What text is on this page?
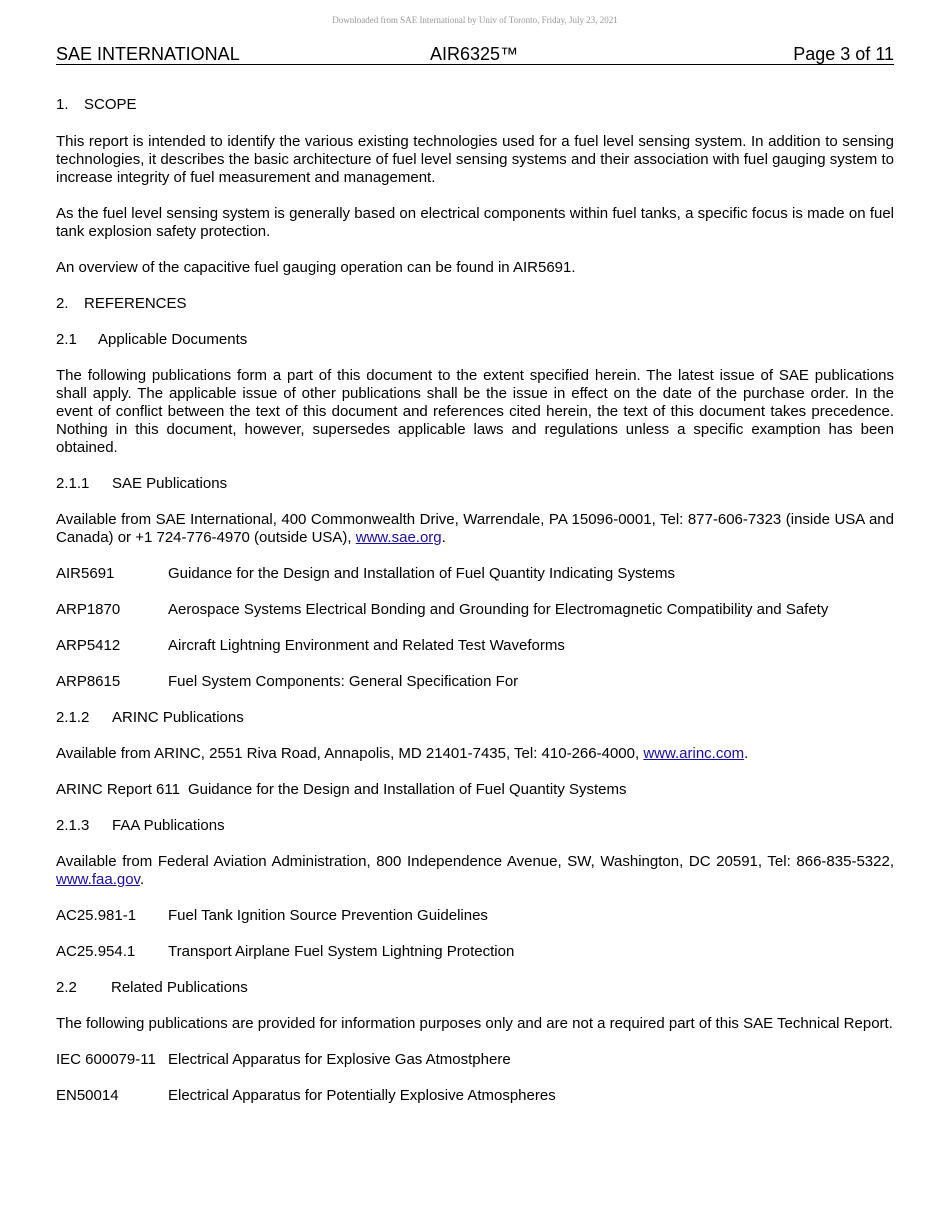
Downloaded from SAE International by Univ of Toronto, Friday, July 23, 2021
SAE INTERNATIONAL	AIR6325™	Page 3 of 11
1. SCOPE

This report is intended to identify the various existing technologies used for a fuel level sensing system. In addition to sensing technologies, it describes the basic architecture of fuel level sensing systems and their association with fuel gauging system to increase integrity of fuel measurement and management.

As the fuel level sensing system is generally based on electrical components within fuel tanks, a specific focus is made on fuel tank explosion safety protection.

An overview of the capacitive fuel gauging operation can be found in AIR5691.

2. REFERENCES
2.1 Applicable Documents

The following publications form a part of this document to the extent specified herein. The latest issue of SAE publications shall apply. The applicable issue of other publications shall be the issue in effect on the date of the purchase order. In the event of conflict between the text of this document and references cited herein, the text of this document takes precedence. Nothing in this document, however, supersedes applicable laws and regulations unless a specific examption has been obtained.

2.1.1 SAE Publications

Available from SAE International, 400 Commonwealth Drive, Warrendale, PA 15096-0001, Tel: 877-606-7323 (inside USA and Canada) or +1 724-776-4970 (outside USA), www.sae.org.

AIR5691	Guidance for the Design and Installation of Fuel Quantity Indicating Systems
ARP1870	Aerospace Systems Electrical Bonding and Grounding for Electromagnetic Compatibility and Safety
ARP5412	Aircraft Lightning Environment and Related Test Waveforms
ARP8615	Fuel System Components: General Specification For
2.1.2 ARINC Publications

Available from ARINC, 2551 Riva Road, Annapolis, MD 21401-7435, Tel: 410-266-4000, www.arinc.com.

ARINC Report 611 Guidance for the Design and Installation of Fuel Quantity Systems
2.1.3 FAA Publications

Available from Federal Aviation Administration, 800 Independence Avenue, SW, Washington, DC 20591, Tel: 866-835-5322, www.faa.gov.

AC25.981-1 Fuel Tank Ignition Source Prevention Guidelines
AC25.954.1 Transport Airplane Fuel System Lightning Protection
2.2 Related Publications

The following publications are provided for information purposes only and are not a required part of this SAE Technical Report.

IEC 600079-11 Electrical Apparatus for Explosive Gas Atmostphere
EN50014	Electrical Apparatus for Potentially Explosive Atmospheres
